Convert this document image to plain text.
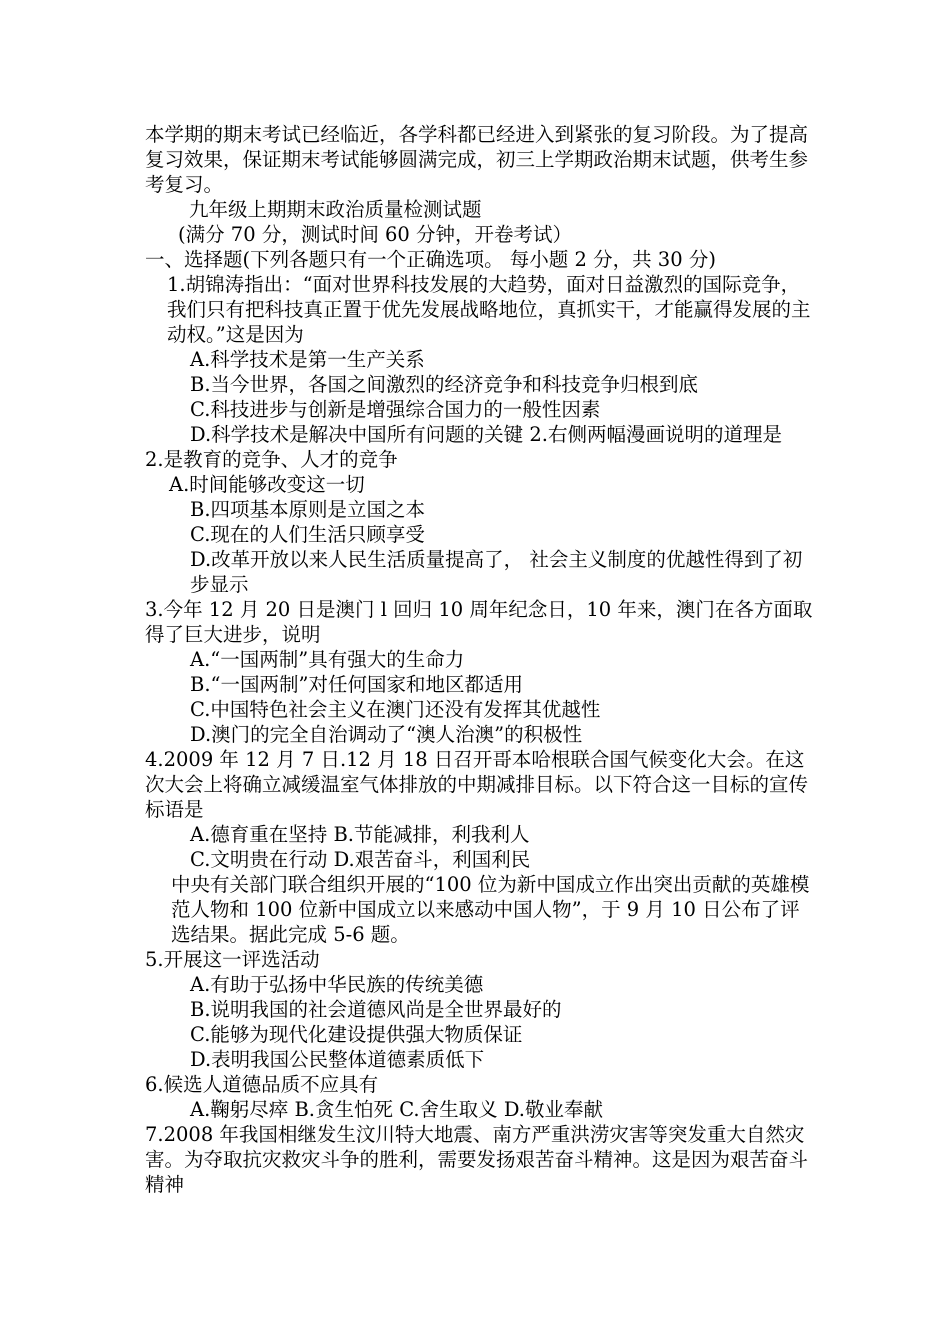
本学期的期末考试已经临近，各学科都已经进入到紧张的复习阶段。为了提高复习效果，保证期末考试能够圆满完成，初三上学期政治期末试题，供考生参考复习。

九年级上期期末政治质量检测试题

(满分 70 分，测试时间 60 分钟，开卷考试）

一、选择题(下列各题只有一个正确选项。 每小题 2 分，共 30 分)

1.胡锦涛指出：“面对世界科技发展的大趋势，面对日益激烈的国际竞争，我们只有把科技真正置于优先发展战略地位，真抓实干，才能赢得发展的主动权。”这是因为

A.科学技术是第一生产关系

B.当今世界，各国之间激烈的经济竞争和科技竞争归根到底

C.科技进步与创新是增强综合国力的一般性因素

D.科学技术是解决中国所有问题的关键 2.右侧两幅漫画说明的道理是

2.是教育的竞争、人才的竞争

A.时间能够改变这一切

B.四项基本原则是立国之本

C.现在的人们生活只顾享受

D.改革开放以来人民生活质量提高了， 社会主义制度的优越性得到了初步显示

3.今年 12 月 20 日是澳门 l 回归 10 周年纪念日，10 年来，澳门在各方面取得了巨大进步，说明

A.“一国两制”具有强大的生命力

B.“一国两制”对任何国家和地区都适用

C.中国特色社会主义在澳门还没有发挥其优越性

D.澳门的完全自治调动了“澳人治澳”的积极性

4.2009 年 12 月 7 日.12 月 18 日召开哥本哈根联合国气候变化大会。在这次大会上将确立减缓温室气体排放的中期减排目标。以下符合这一目标的宣传标语是

A.德育重在坚持 B.节能减排，利我利人

C.文明贵在行动 D.艰苦奋斗，利国利民

中央有关部门联合组织开展的“100 位为新中国成立作出突出贡献的英雄模范人物和 100 位新中国成立以来感动中国人物”，于 9 月 10 日公布了评选结果。据此完成 5-6 题。

5.开展这一评选活动

A.有助于弘扬中华民族的传统美德

B.说明我国的社会道德风尚是全世界最好的

C.能够为现代化建设提供强大物质保证

D.表明我国公民整体道德素质低下

6.候选人道德品质不应具有

A.鞠躬尽瘁 B.贪生怕死 C.舍生取义 D.敬业奉献

7.2008 年我国相继发生汶川特大地震、南方严重洪涝灾害等突发重大自然灾害。为夺取抗灾救灾斗争的胜利，需要发扬艰苦奋斗精神。这是因为艰苦奋斗精神
